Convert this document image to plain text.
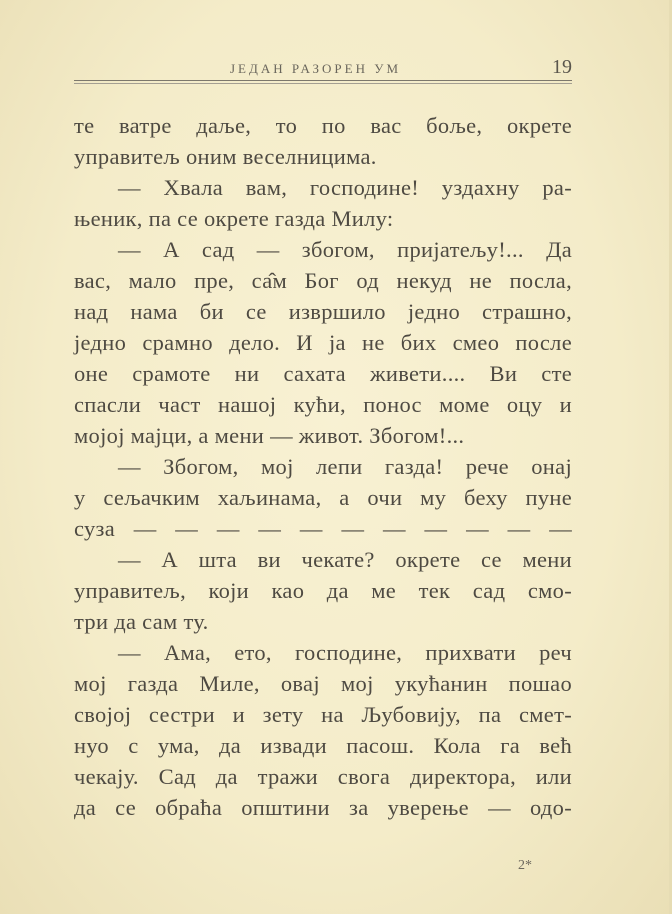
ЈЕДАН РАЗОРЕН УМ	19
те ватре даље, то по вас боље, окрете
управитељ оним веселницима.
— Хвала вам, господине! уздахну ра-
њеник, па се окрете газда Милу:
— А сад — збогом, пријатељу!... Да
вас, мало пре, са̂м Бог од некуд не посла,
над нама би се извршило једно страшно,
једно срамно дело. И ја не бих смео после
оне срамоте ни сахата живети.... Ви сте
спасли част нашој кући, понос моме оцу и
мојој мајци, а мени — живот. Збогом!...
— Збогом, мој лепи газда! рече онај
у сељачким хаљинама, а очи му беху пуне
суза — — — — — — — — — — —
— А шта ви чекате? окрете се мени
управитељ, који као да ме тек сад смо-
три да сам ту.
— Ама, ето, господине, прихвати реч
мој газда Миле, овај мој укућанин пошао
својој сестри и зету на Љубовију, па смет-
нуо с ума, да извади пасош. Кола га већ
чекају. Сад да тражи свога директора, или
да се обраћа општини за уверење — одо-
2*
